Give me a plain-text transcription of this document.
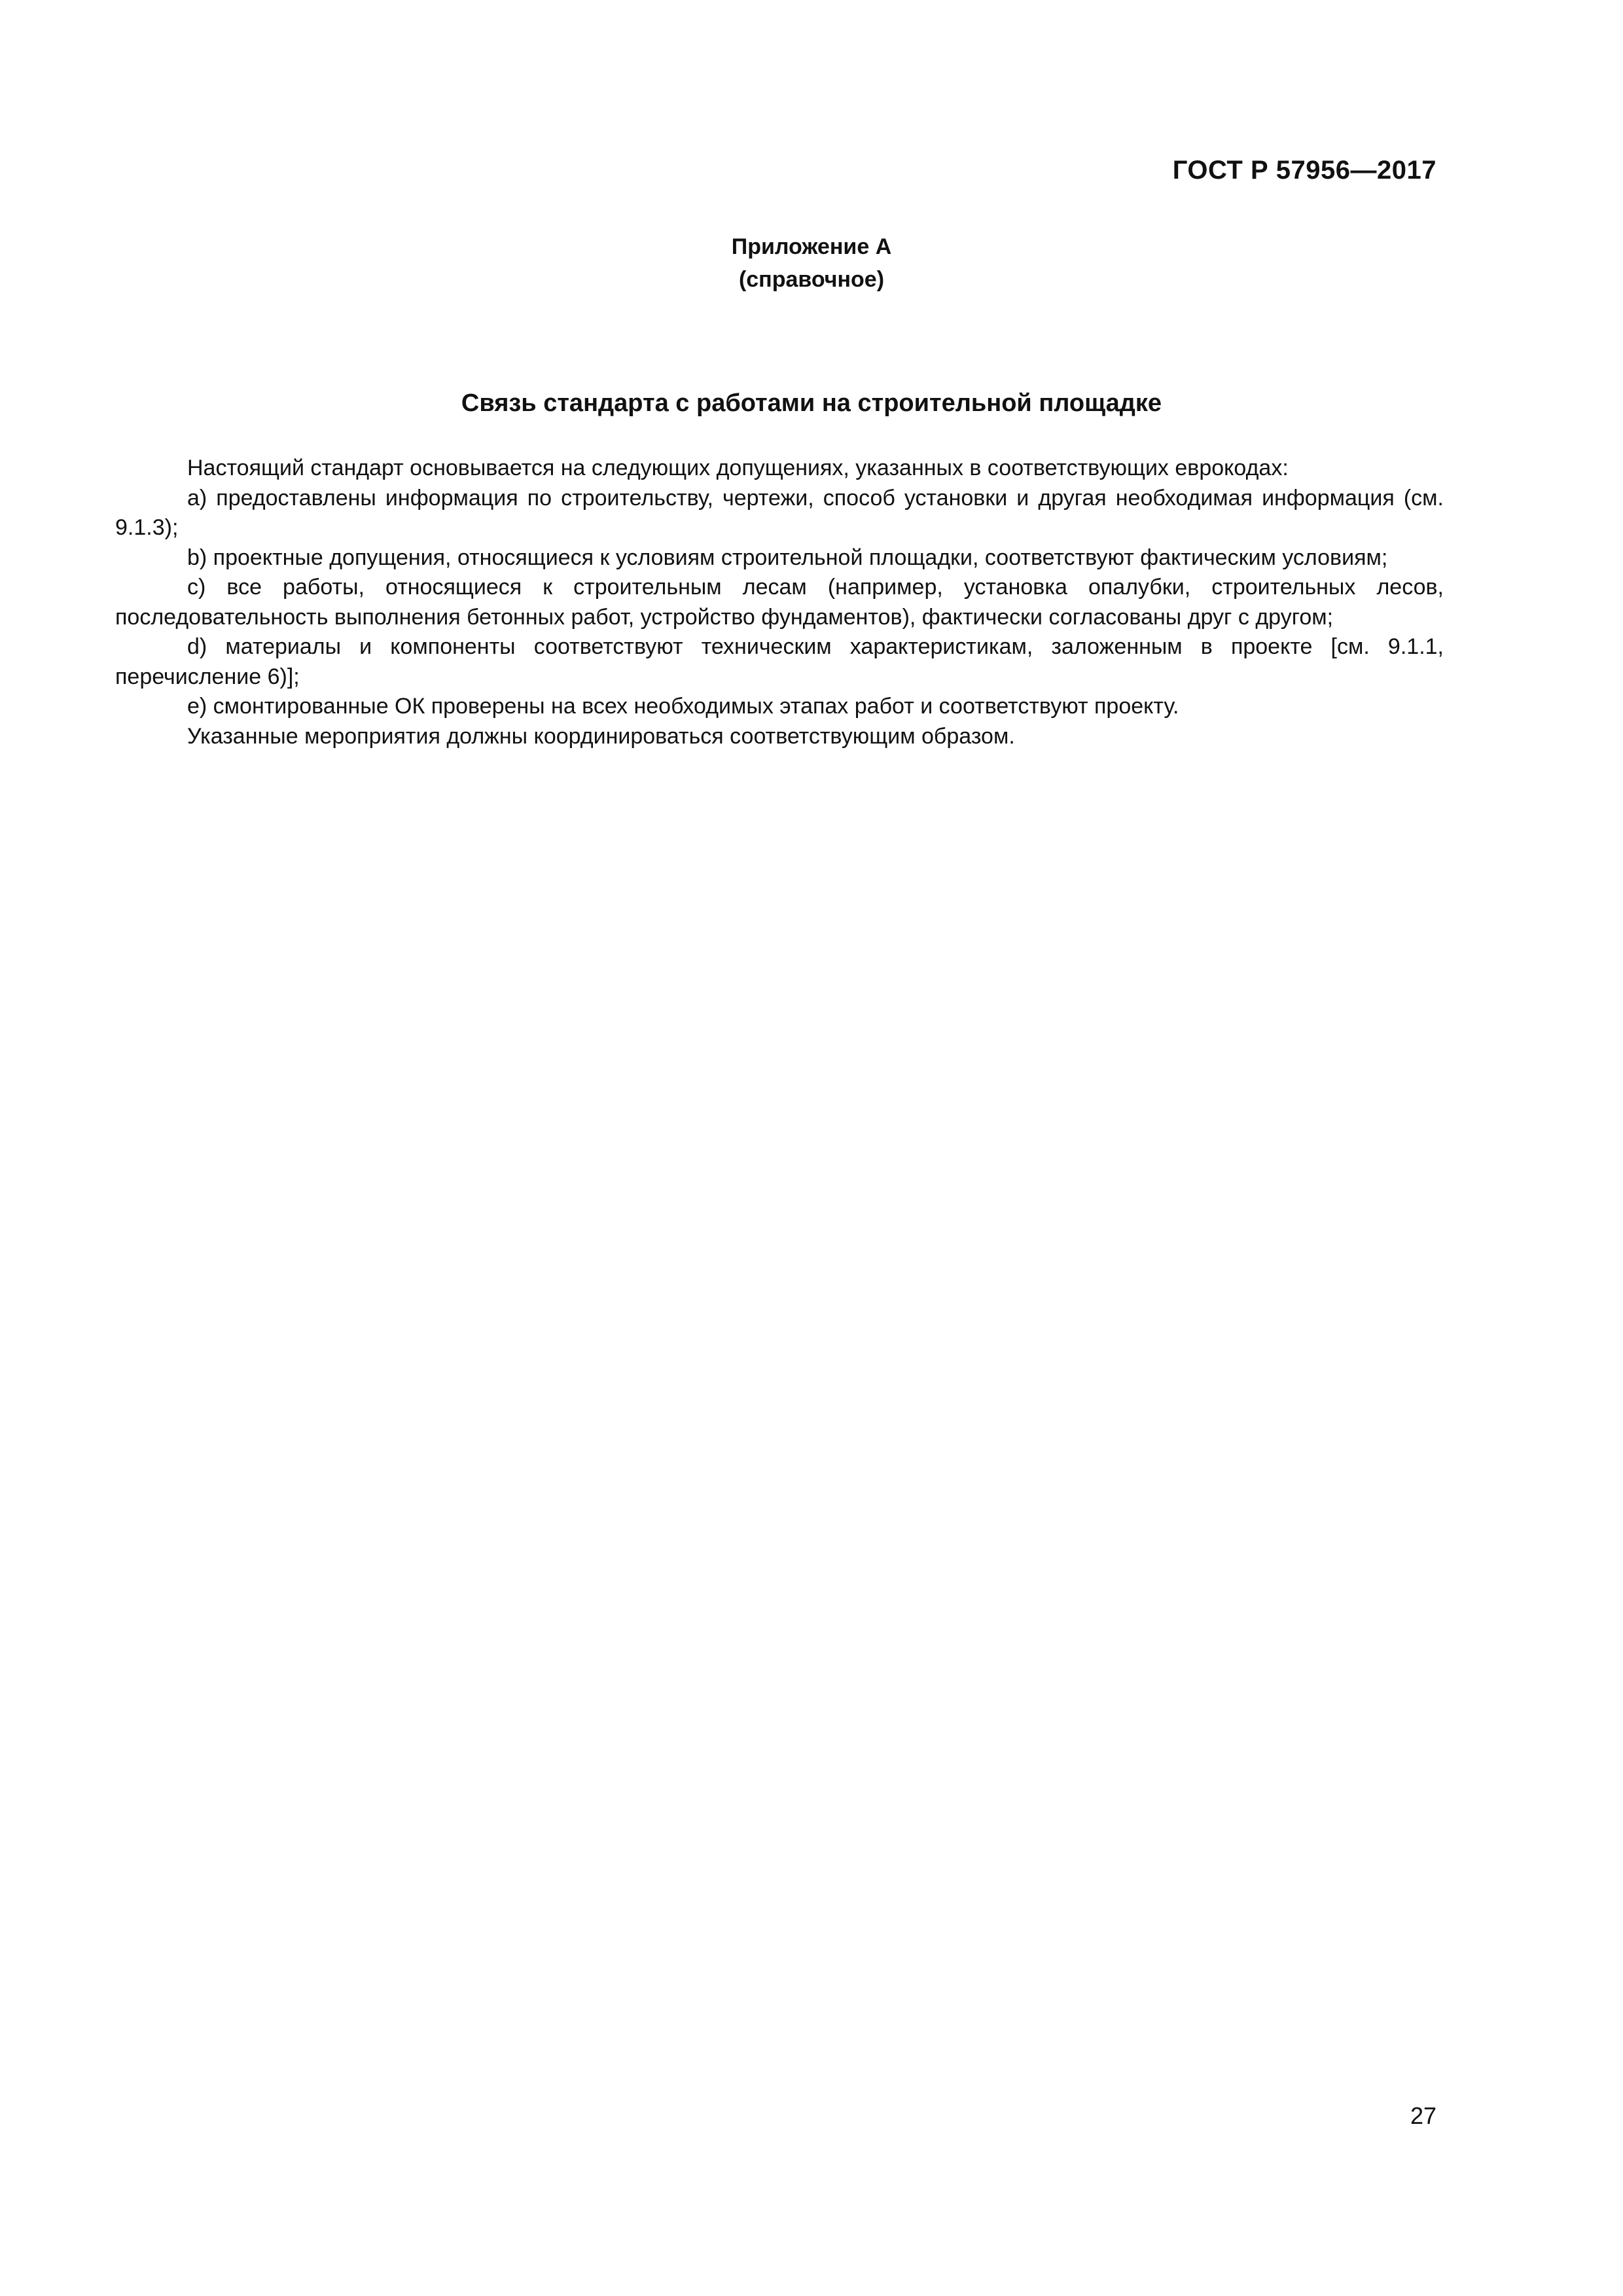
ГОСТ Р 57956—2017
Приложение А
(справочное)
Связь стандарта с работами на строительной площадке

Настоящий стандарт основывается на следующих допущениях, указанных в соответствующих еврокодах:

а) предоставлены информация по строительству, чертежи, способ установки и другая необходимая информация (см. 9.1.3);

b) проектные допущения, относящиеся к условиям строительной площадки, соответствуют фактическим условиям;

с) все работы, относящиеся к строительным лесам (например, установка опалубки, строительных лесов, последовательность выполнения бетонных работ, устройство фундаментов), фактически согласованы друг с другом;

d) материалы и компоненты соответствуют техническим характеристикам, заложенным в проекте [см. 9.1.1, перечисление 6)];

е) смонтированные ОК проверены на всех необходимых этапах работ и соответствуют проекту.

Указанные мероприятия должны координироваться соответствующим образом.

27
